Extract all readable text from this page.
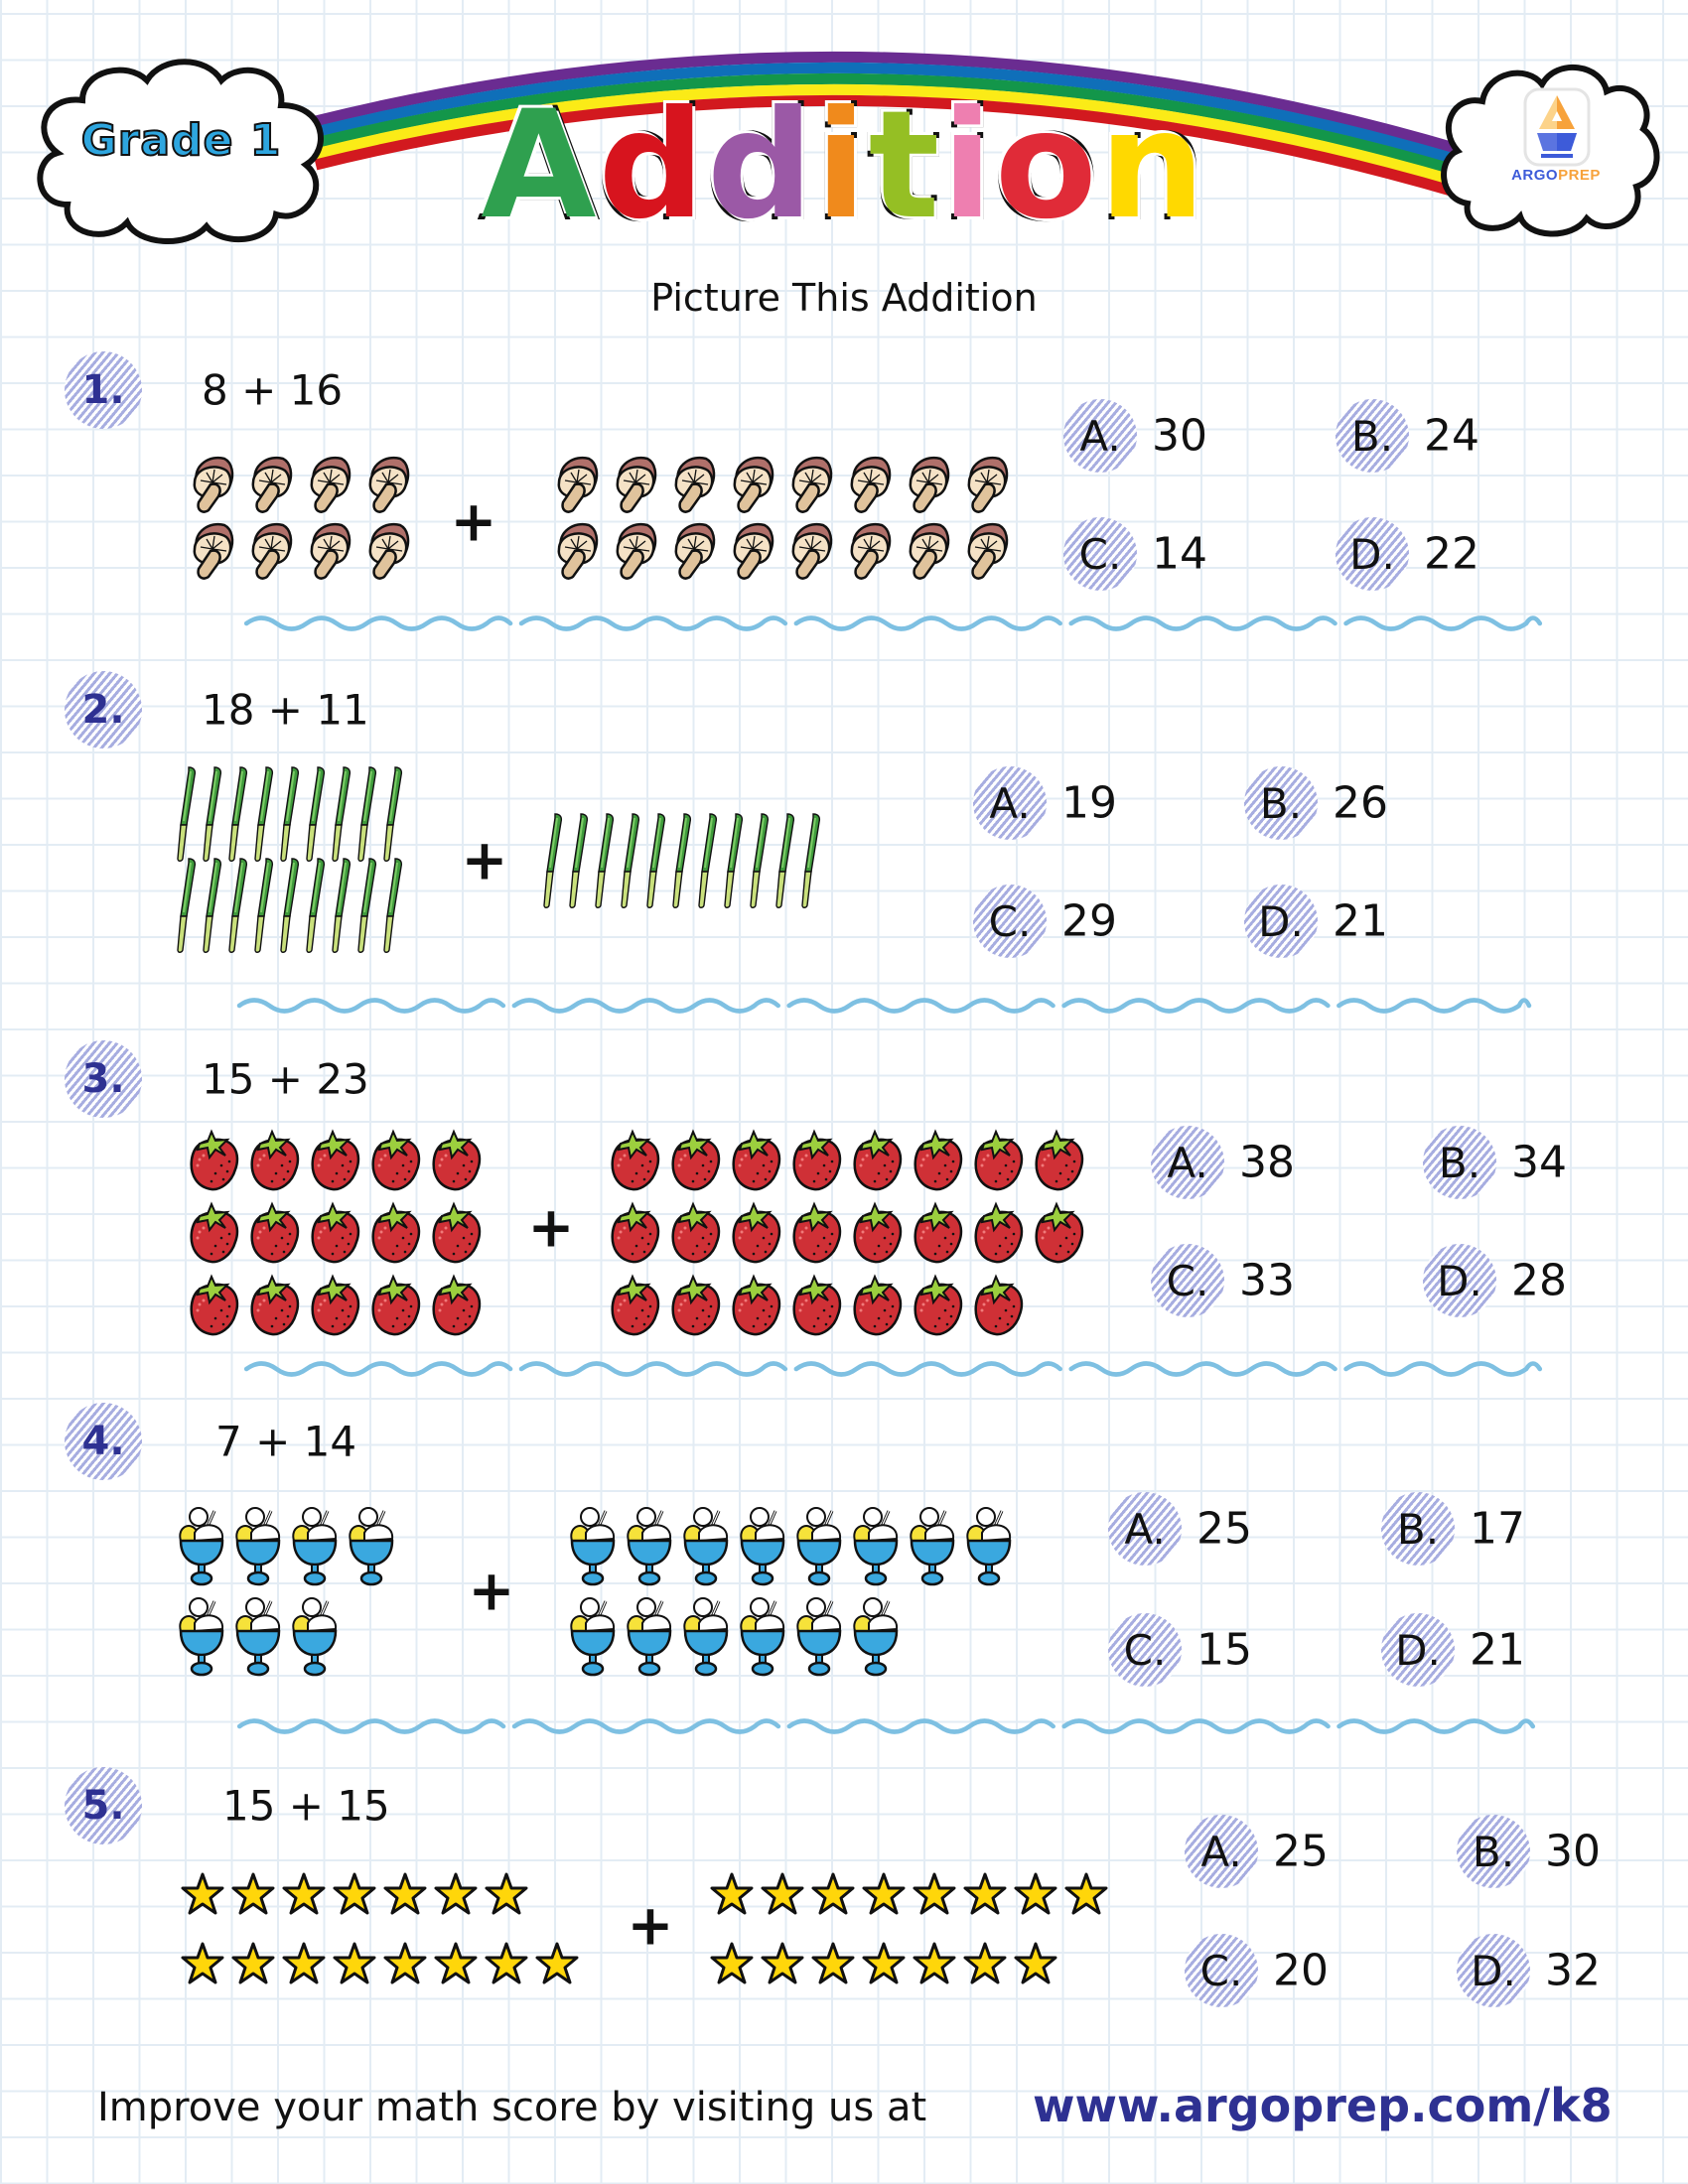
Grade 1	A d d i t i o n	ARGOPREP
Picture This Addition
1.	8 + 16
+
A. 30	B. 24
C. 14	D. 22
2.	18 + 11
+
A. 19	B. 26
C. 29	D. 21
3.	15 + 23
+
A. 38	B. 34
C. 33	D. 28
4.	7 + 14
+
A. 25	B. 17
C. 15	D. 21
5.	15 + 15
+
A. 25	B. 30
C. 20	D. 32
Improve your math score by visiting us at www.argoprep.com/k8
